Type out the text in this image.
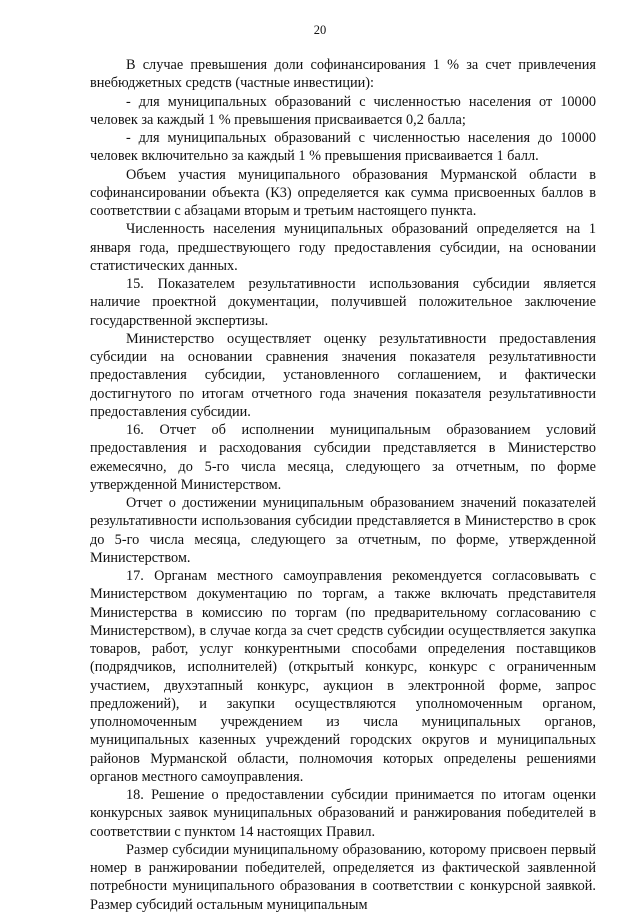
20

В случае превышения доли софинансирования 1 % за счет привлечения внебюджетных средств (частные инвестиции):

- для муниципальных образований с численностью населения от 10000 человек за каждый 1 % превышения присваивается 0,2 балла;

- для муниципальных образований с численностью населения до 10000 человек включительно за каждый 1 % превышения присваивается 1 балл.

Объем участия муниципального образования Мурманской области в софинансировании объекта (К3) определяется как сумма присвоенных баллов в соответствии с абзацами вторым и третьим настоящего пункта.

Численность населения муниципальных образований определяется на 1 января года, предшествующего году предоставления субсидии, на основании статистических данных.

15. Показателем результативности использования субсидии является наличие проектной документации, получившей положительное заключение государственной экспертизы.

Министерство осуществляет оценку результативности предоставления субсидии на основании сравнения значения показателя результативности предоставления субсидии, установленного соглашением, и фактически достигнутого по итогам отчетного года значения показателя результативности предоставления субсидии.

16. Отчет об исполнении муниципальным образованием условий предоставления и расходования субсидии представляется в Министерство ежемесячно, до 5-го числа месяца, следующего за отчетным, по форме утвержденной Министерством.

Отчет о достижении муниципальным образованием значений показателей результативности использования субсидии представляется в Министерство в срок до 5-го числа месяца, следующего за отчетным, по форме, утвержденной Министерством.

17. Органам местного самоуправления рекомендуется согласовывать с Министерством документацию по торгам, а также включать представителя Министерства в комиссию по торгам (по предварительному согласованию с Министерством), в случае когда за счет средств субсидии осуществляется закупка товаров, работ, услуг конкурентными способами определения поставщиков (подрядчиков, исполнителей) (открытый конкурс, конкурс с ограниченным участием, двухэтапный конкурс, аукцион в электронной форме, запрос предложений), и закупки осуществляются уполномоченным органом, уполномоченным учреждением из числа муниципальных органов, муниципальных казенных учреждений городских округов и муниципальных районов Мурманской области, полномочия которых определены решениями органов местного самоуправления.

18. Решение о предоставлении субсидии принимается по итогам оценки конкурсных заявок муниципальных образований и ранжирования победителей в соответствии с пунктом 14 настоящих Правил.

Размер субсидии муниципальному образованию, которому присвоен первый номер в ранжировании победителей, определяется из фактической заявленной потребности муниципального образования в соответствии с конкурсной заявкой. Размер субсидий остальным муниципальным
